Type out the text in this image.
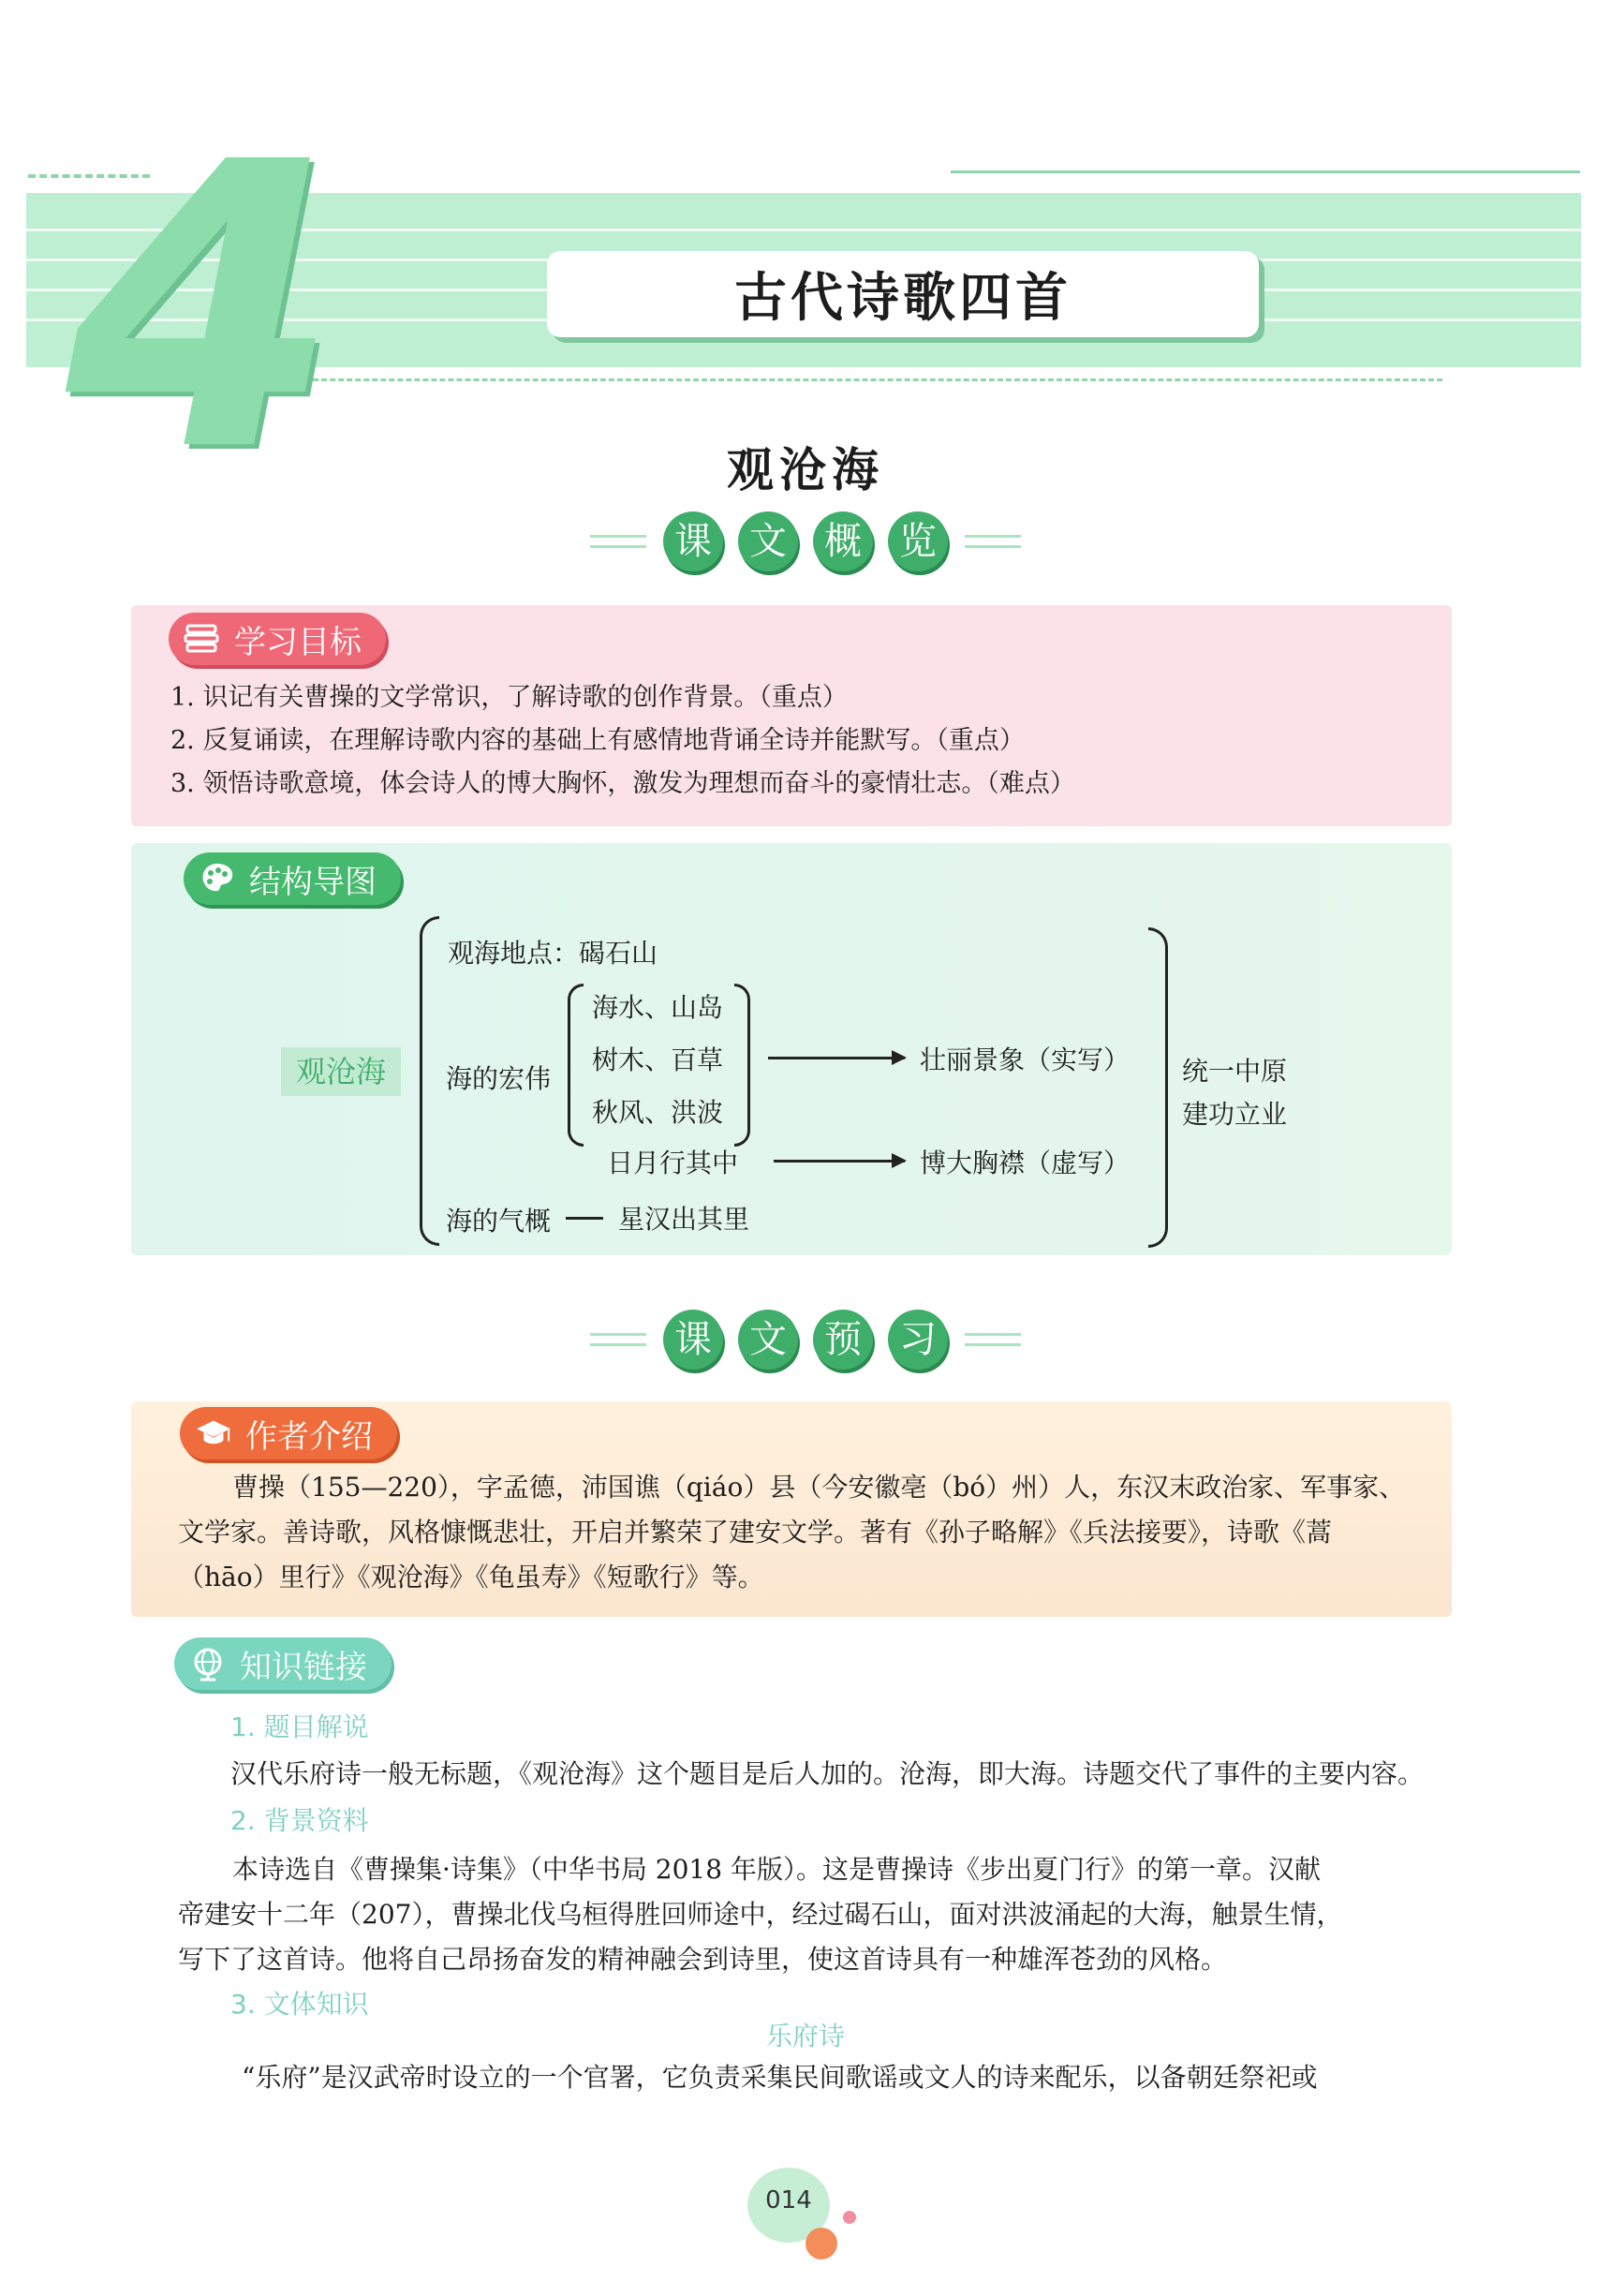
4	古代诗歌四首
观沧海
课	文	概	览
学习目标
1. 识记有关曹操的文学常识，了解诗歌的创作背景。（重点）
2. 反复诵读，在理解诗歌内容的基础上有感情地背诵全诗并能默写。（重点）
3. 领悟诗歌意境，体会诗人的博大胸怀，激发为理想而奋斗的豪情壮志。（难点）
结构导图
观沧海
观海地点：碣石山
海的宏伟
海水、山岛
树木、百草
秋风、洪波
日月行其中
海的气概	星汉出其里
壮丽景象（实写）
博大胸襟（虚写）
统一中原
建功立业
课	文	预	习
作者介绍
曹操（155—220），字孟德，沛国谯（qiáo）县（今安徽亳（bó）州）人，东汉末政治家、军事家、
文学家。善诗歌，风格慷慨悲壮，开启并繁荣了建安文学。著有《孙子略解》《兵法接要》，诗歌《蒿
（hāo）里行》《观沧海》《龟虽寿》《短歌行》等。
知识链接
1. 题目解说
汉代乐府诗一般无标题，《观沧海》这个题目是后人加的。沧海，即大海。诗题交代了事件的主要内容。
2. 背景资料
本诗选自《曹操集·诗集》（中华书局 2018 年版）。这是曹操诗《步出夏门行》的第一章。汉献
帝建安十二年（207），曹操北伐乌桓得胜回师途中，经过碣石山，面对洪波涌起的大海，触景生情，
写下了这首诗。他将自己昂扬奋发的精神融会到诗里，使这首诗具有一种雄浑苍劲的风格。
3. 文体知识
乐府诗
“乐府”是汉武帝时设立的一个官署，它负责采集民间歌谣或文人的诗来配乐，以备朝廷祭祀或
014
